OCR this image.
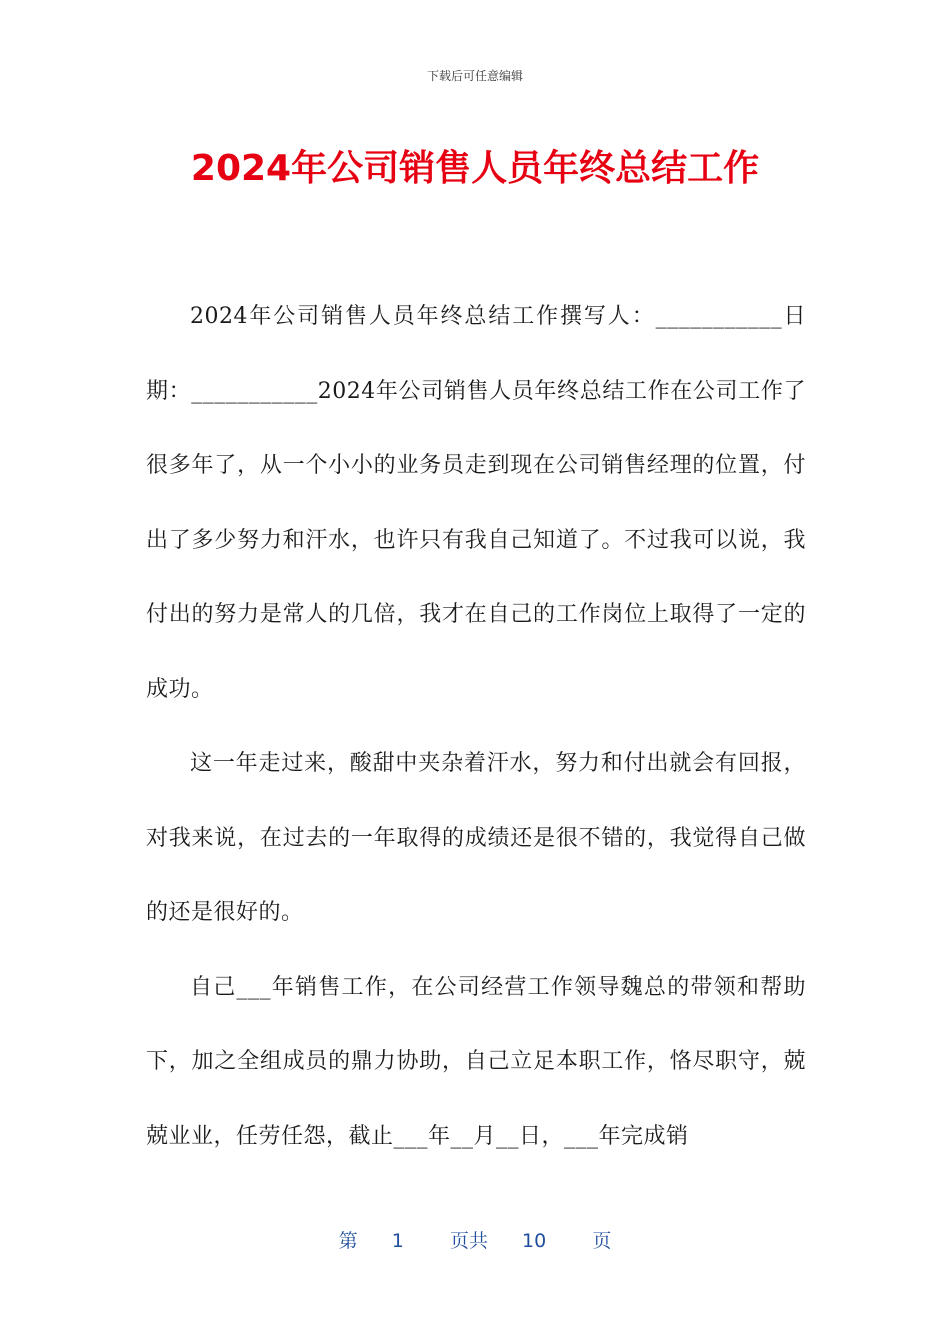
下载后可任意编辑
2024年公司销售人员年终总结工作

2024年公司销售人员年终总结工作撰写人：___________日期：___________2024年公司销售人员年终总结工作在公司工作了很多年了，从一个小小的业务员走到现在公司销售经理的位置，付出了多少努力和汗水，也许只有我自己知道了。不过我可以说，我付出的努力是常人的几倍，我才在自己的工作岗位上取得了一定的成功。

这一年走过来，酸甜中夹杂着汗水，努力和付出就会有回报，对我来说，在过去的一年取得的成绩还是很不错的，我觉得自己做的还是很好的。

自己___年销售工作，在公司经营工作领导魏总的带领和帮助下，加之全组成员的鼎力协助，自己立足本职工作，恪尽职守，兢兢业业，任劳任怨，截止___年__月__日，___年完成销

第 1 页共 10 页
